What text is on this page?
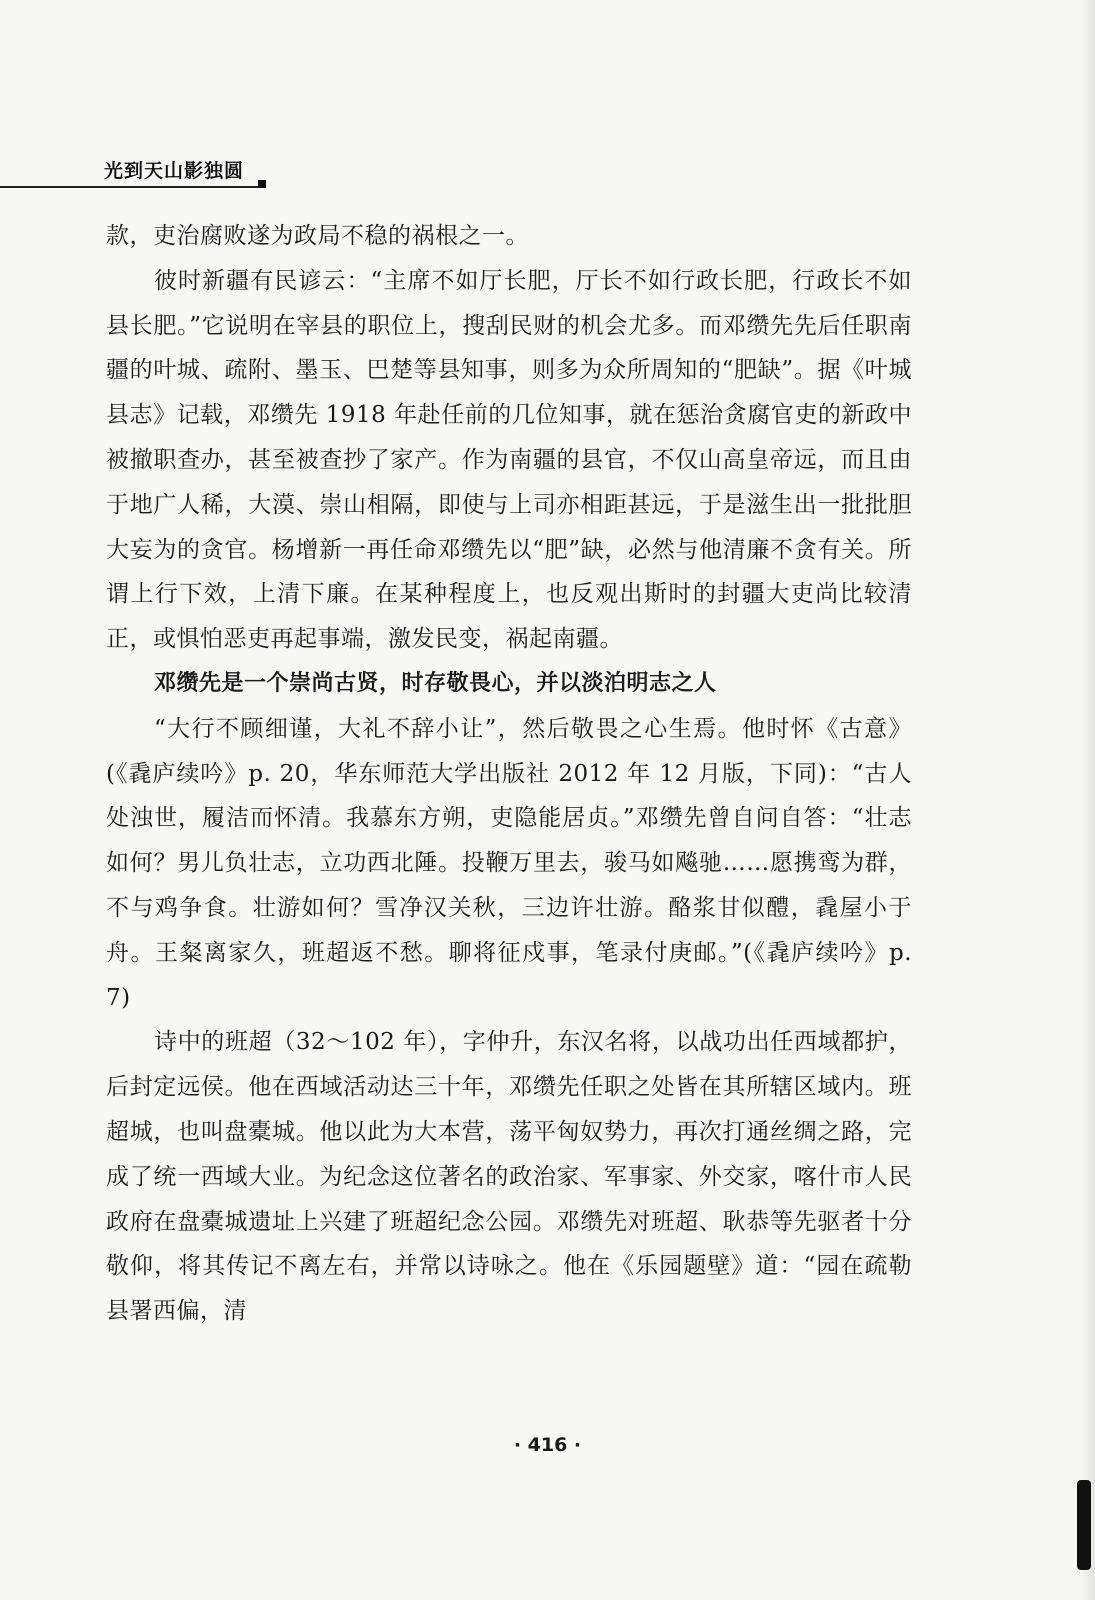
光到天山影独圆

款，吏治腐败遂为政局不稳的祸根之一。

彼时新疆有民谚云：“主席不如厅长肥，厅长不如行政长肥，行政长不如县长肥。”它说明在宰县的职位上，搜刮民财的机会尤多。而邓缵先先后任职南疆的叶城、疏附、墨玉、巴楚等县知事，则多为众所周知的“肥缺”。据《叶城县志》记载，邓缵先 1918 年赴任前的几位知事，就在惩治贪腐官吏的新政中被撤职查办，甚至被查抄了家产。作为南疆的县官，不仅山高皇帝远，而且由于地广人稀，大漠、崇山相隔，即使与上司亦相距甚远，于是滋生出一批批胆大妄为的贪官。杨增新一再任命邓缵先以“肥”缺，必然与他清廉不贪有关。所谓上行下效，上清下廉。在某种程度上，也反观出斯时的封疆大吏尚比较清正，或惧怕恶吏再起事端，激发民变，祸起南疆。

邓缵先是一个崇尚古贤，时存敬畏心，并以淡泊明志之人

“大行不顾细谨，大礼不辞小让”，然后敬畏之心生焉。他时怀《古意》(《毳庐续吟》p. 20，华东师范大学出版社 2012 年 12 月版，下同)：“古人处浊世，履洁而怀清。我慕东方朔，吏隐能居贞。”邓缵先曾自问自答：“壮志如何？男儿负壮志，立功西北陲。投鞭万里去，骏马如飚驰……愿携鸾为群，不与鸡争食。壮游如何？雪净汉关秋，三边许壮游。酪浆甘似醴，毳屋小于舟。王粲离家久，班超返不愁。聊将征戍事，笔录付庚邮。”(《毳庐续吟》p. 7)

诗中的班超（32～102 年），字仲升，东汉名将，以战功出任西域都护，后封定远侯。他在西域活动达三十年，邓缵先任职之处皆在其所辖区域内。班超城，也叫盘橐城。他以此为大本营，荡平匈奴势力，再次打通丝绸之路，完成了统一西域大业。为纪念这位著名的政治家、军事家、外交家，喀什市人民政府在盘橐城遗址上兴建了班超纪念公园。邓缵先对班超、耿恭等先驱者十分敬仰，将其传记不离左右，并常以诗咏之。他在《乐园题壁》道：“园在疏勒县署西偏，清

· 416 ·
